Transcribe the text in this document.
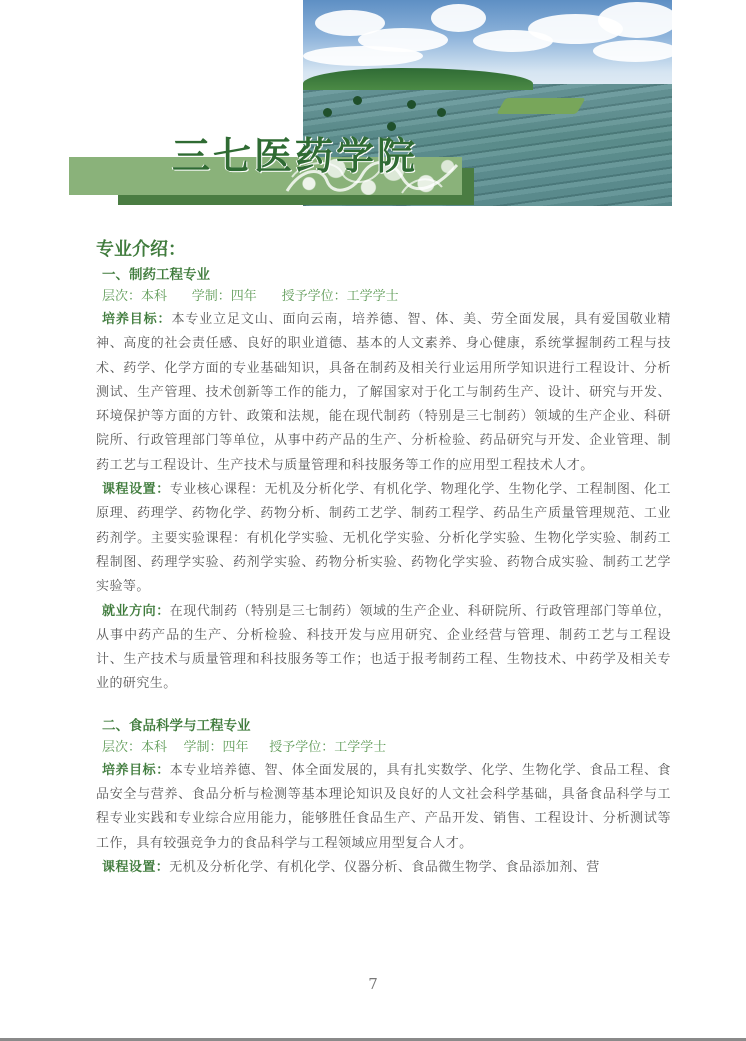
三七医药学院
专业介绍：
一、制药工程专业

层次：本科      学制：四年      授予学位：工学学士

培养目标：本专业立足文山、面向云南，培养德、智、体、美、劳全面发展，具有爱国敬业精神、高度的社会责任感、良好的职业道德、基本的人文素养、身心健康，系统掌握制药工程与技术、药学、化学方面的专业基础知识，具备在制药及相关行业运用所学知识进行工程设计、分析测试、生产管理、技术创新等工作的能力，了解国家对于化工与制药生产、设计、研究与开发、环境保护等方面的方针、政策和法规，能在现代制药（特别是三七制药）领域的生产企业、科研院所、行政管理部门等单位，从事中药产品的生产、分析检验、药品研究与开发、企业管理、制药工艺与工程设计、生产技术与质量管理和科技服务等工作的应用型工程技术人才。

课程设置：专业核心课程：无机及分析化学、有机化学、物理化学、生物化学、工程制图、化工原理、药理学、药物化学、药物分析、制药工艺学、制药工程学、药品生产质量管理规范、工业药剂学。主要实验课程：有机化学实验、无机化学实验、分析化学实验、生物化学实验、制药工程制图、药理学实验、药剂学实验、药物分析实验、药物化学实验、药物合成实验、制药工艺学实验等。

就业方向：在现代制药（特别是三七制药）领域的生产企业、科研院所、行政管理部门等单位，从事中药产品的生产、分析检验、科技开发与应用研究、企业经营与管理、制药工艺与工程设计、生产技术与质量管理和科技服务等工作；也适于报考制药工程、生物技术、中药学及相关专业的研究生。

二、食品科学与工程专业

层次：本科    学制：四年     授予学位：工学学士

培养目标：本专业培养德、智、体全面发展的，具有扎实数学、化学、生物化学、食品工程、食品安全与营养、食品分析与检测等基本理论知识及良好的人文社会科学基础，具备食品科学与工程专业实践和专业综合应用能力，能够胜任食品生产、产品开发、销售、工程设计、分析测试等工作，具有较强竞争力的食品科学与工程领域应用型复合人才。

课程设置：无机及分析化学、有机化学、仪器分析、食品微生物学、食品添加剂、营

7
